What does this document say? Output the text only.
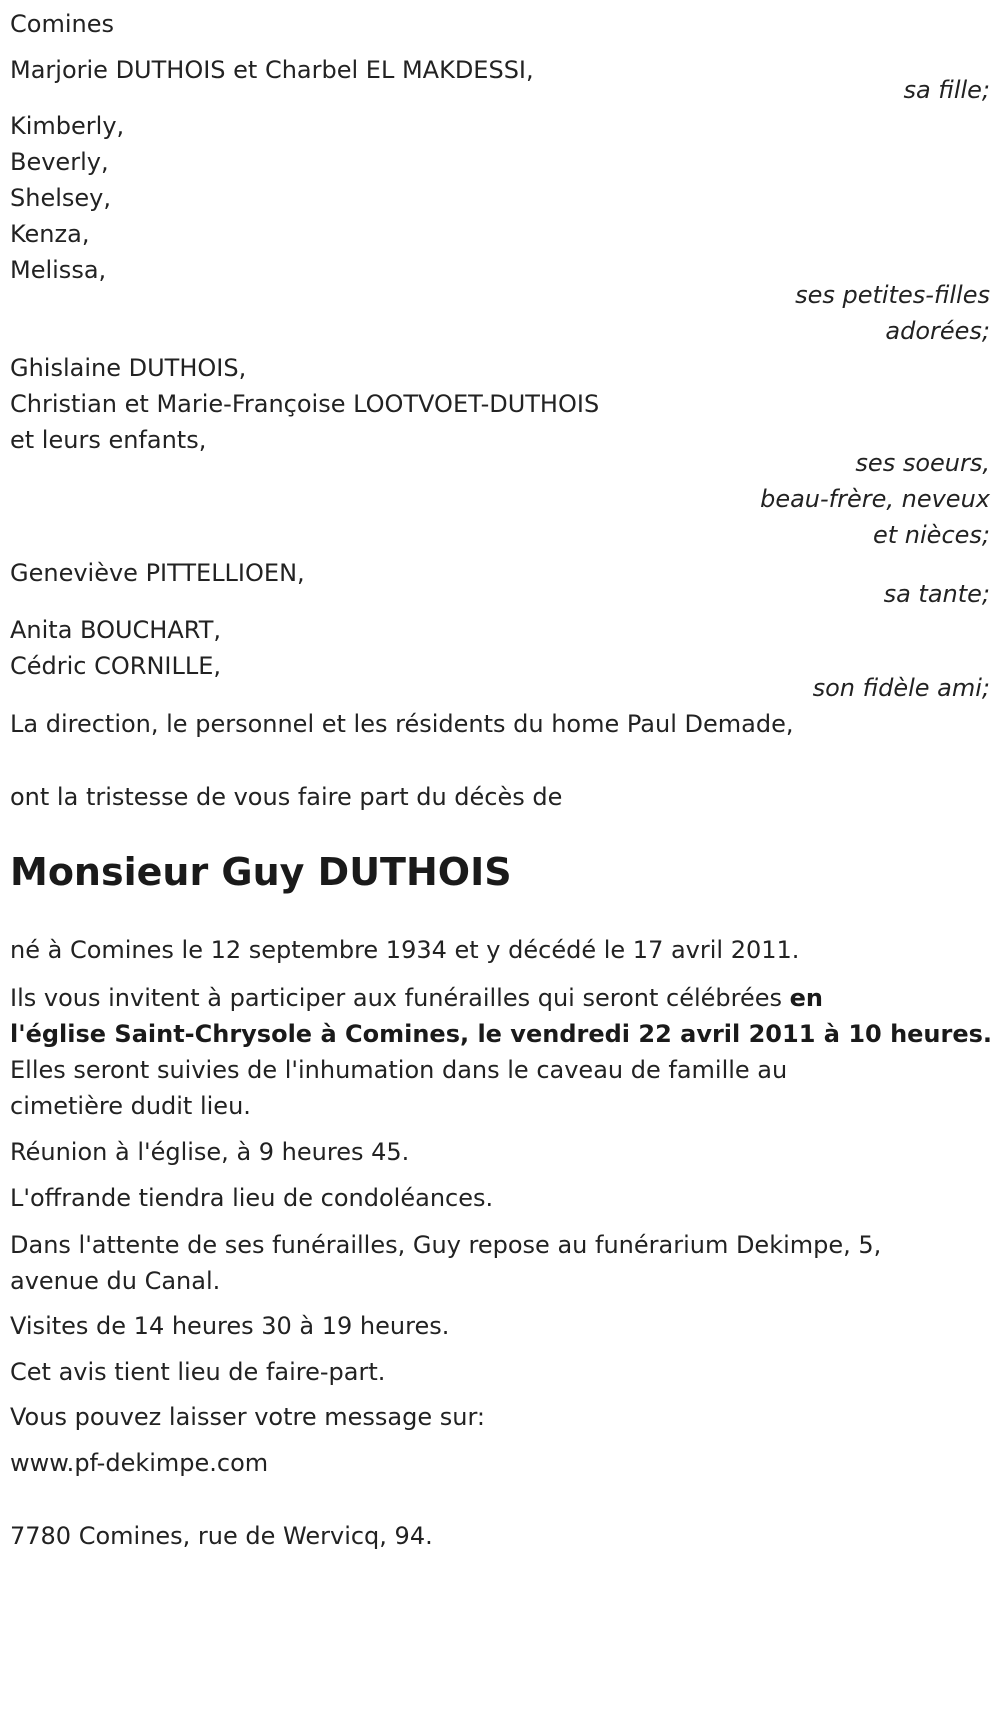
Comines
Marjorie DUTHOIS et Charbel EL MAKDESSI,
sa fille;
Kimberly,
Beverly,
Shelsey,
Kenza,
Melissa,
ses petites-filles
adorées;
Ghislaine DUTHOIS,
Christian et Marie-Françoise LOOTVOET-DUTHOIS
et leurs enfants,
ses soeurs,
beau-frère, neveux
et nièces;
Geneviève PITTELLIOEN,
sa tante;
Anita BOUCHART,
Cédric CORNILLE,
son fidèle ami;
La direction, le personnel et les résidents du home Paul Demade,
ont la tristesse de vous faire part du décès de
Monsieur Guy DUTHOIS
né à Comines le 12 septembre 1934 et y décédé le 17 avril 2011.
Ils vous invitent à participer aux funérailles qui seront célébrées en
l'église Saint-Chrysole à Comines, le vendredi 22 avril 2011 à 10 heures.
Elles seront suivies de l'inhumation dans le caveau de famille au
cimetière dudit lieu.
Réunion à l'église, à 9 heures 45.
L'offrande tiendra lieu de condoléances.
Dans l'attente de ses funérailles, Guy repose au funérarium Dekimpe, 5,
avenue du Canal.
Visites de 14 heures 30 à 19 heures.
Cet avis tient lieu de faire-part.
Vous pouvez laisser votre message sur:
www.pf-dekimpe.com
7780 Comines, rue de Wervicq, 94.
